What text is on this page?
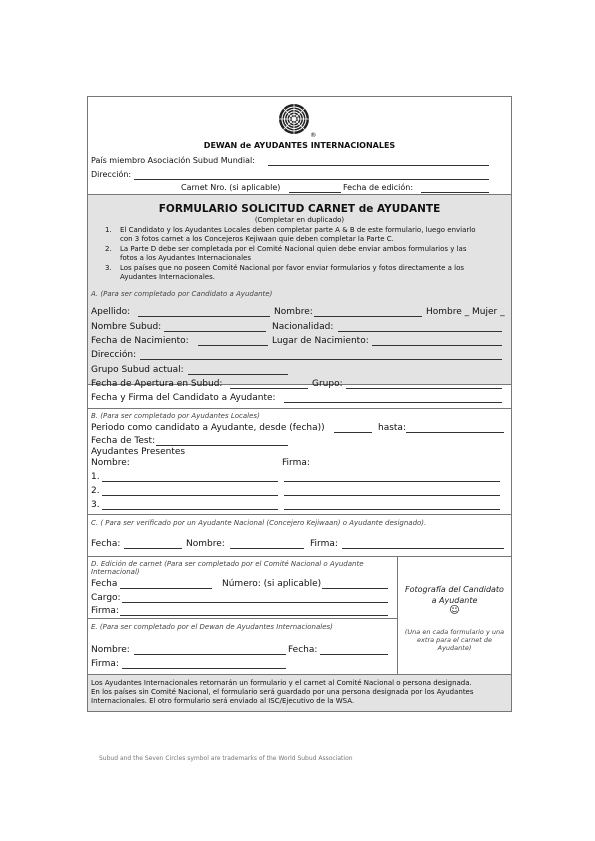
®
DEWAN de AYUDANTES INTERNACIONALES
País miembro Asociación Subud Mundial:
Dirección:
Carnet Nro. (si aplicable)	Fecha de edición:
FORMULARIO SOLICITUD CARNET de AYUDANTE
(Completar en duplicado)
1. El Candidato y los Ayudantes Locales deben completar parte A & B de este formulario, luego enviarlo
con 3 fotos carnet a los Concejeros Kejiwaan quie deben completar la Parte C.
2. La Parte D debe ser completada por el Comité Nacional quien debe enviar ambos formularios y las
fotos a los Ayudantes Internacionales
3. Los países que no poseen Comité Nacional por favor enviar formularios y fotos directamente a los
Ayudantes Internacionales.
A. (Para ser completado por Candidato a Ayudante)
Apellido:	Nombre:	Hombre _ Mujer _
Nombre Subud:	Nacionalidad:
Fecha de Nacimiento:	Lugar de Nacimiento:
Dirección:
Grupo Subud actual:
Fecha de Apertura en Subud:	Grupo:
Fecha y Firma del Candidato a Ayudante:
B. (Para ser completado por Ayudantes Locales)
Periodo como candidato a Ayudante, desde (fecha))	hasta:
Fecha de Test:
Ayudantes Presentes
Nombre:	Firma:
1.
2.
3.
C. ( Para ser verificado por un Ayudante Nacional (Concejero Kejiwaan) o Ayudante designado).
Fecha:	Nombre:	Firma:
D. Edición de carnet (Para ser completado por el Comité Nacional o Ayudante
Internacional)
Fecha	Número: (si aplicable)
Cargo:
Firma:
E. (Para ser completado por el Dewan de Ayudantes Internacionales)
Nombre:	Fecha:
Firma:
Fotografía del Candidato
a Ayudante
☺
(Una en cada formulario y una
extra para el carnet de
Ayudante)
Los Ayudantes Internacionales retornarán un formulario y el carnet al Comité Nacional o persona designada.
En los países sin Comité Nacional, el formulario será guardado por una persona designada por los Ayudantes
Internacionales. El otro formulario será enviado al ISC/Ejecutivo de la WSA.
Subud and the Seven Circles symbol are trademarks of the World Subud Association
